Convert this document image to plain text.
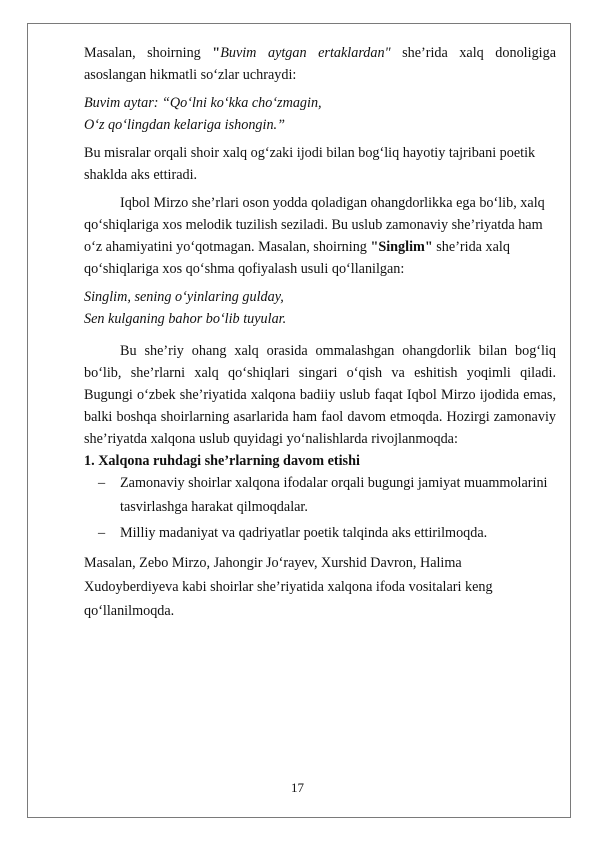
Masalan, shoirning "Buvim aytgan ertaklardan" she’rida xalq donoligiga

asoslangan hikmatli so‘zlar uchraydi:

Buvim aytar: “Qo‘lni ko‘kka cho‘zmagin,

O‘z qo‘lingdan kelariga ishongin.”

Bu misralar orqali shoir xalq og‘zaki ijodi bilan bog‘liq hayotiy tajribani poetik

shaklda aks ettiradi.

Iqbol Mirzo she’rlari oson yodda qoladigan ohangdorlikka ega bo‘lib, xalq

qo‘shiqlariga xos melodik tuzilish seziladi. Bu uslub zamonaviy she’riyatda ham

o‘z ahamiyatini yo‘qotmagan. Masalan, shoirning "Singlim" she’rida xalq

qo‘shiqlariga xos qo‘shma qofiyalash usuli qo‘llanilgan:

Singlim, sening o‘yinlaring gulday,

Sen kulganing bahor bo‘lib tuyular.

Bu she’riy ohang xalq orasida ommalashgan ohangdorlik bilan bog‘liq bo‘lib, she’rlarni xalq qo‘shiqlari singari o‘qish va eshitish yoqimli qiladi. Bugungi o‘zbek she’riyatida xalqona badiiy uslub faqat Iqbol Mirzo ijodida emas, balki boshqa shoirlarning asarlarida ham faol davom etmoqda. Hozirgi zamonaviy she’riyatda xalqona uslub quyidagi yo‘nalishlarda rivojlanmoqda:

1. Xalqona ruhdagi she’rlarning davom etishi

– Zamonaviy shoirlar xalqona ifodalar orqali bugungi jamiyat muammolarini
tasvirlashga harakat qilmoqdalar.
– Milliy madaniyat va qadriyatlar poetik talqinda aks ettirilmoqda.

Masalan, Zebo Mirzo, Jahongir Jo‘rayev, Xurshid Davron, Halima

Xudoyberdiyeva kabi shoirlar she’riyatida xalqona ifoda vositalari keng

qo‘llanilmoqda.

17
